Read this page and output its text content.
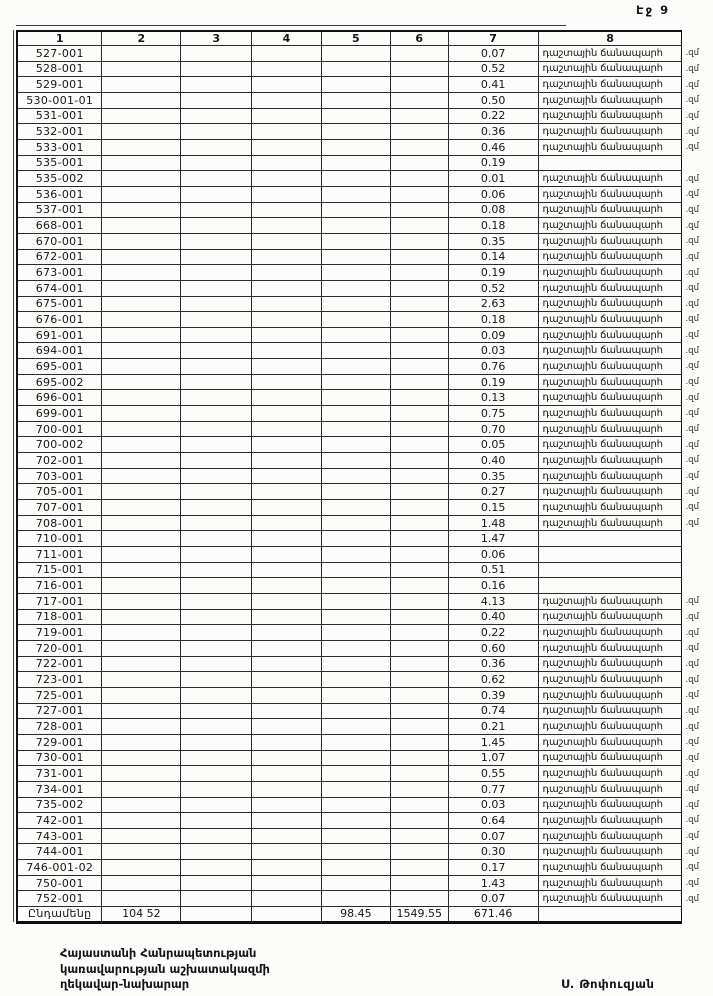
Էջ 9
1	2	3	4	5	6	7	8	
527-001						0.07	դաշտային ճանապարհ	.զմ
528-001						0.52	դաշտային ճանապարհ	.զմ
529-001						0.41	դաշտային ճանապարհ	.զմ
530-001-01						0.50	դաշտային ճանապարհ	.զմ
531-001						0.22	դաշտային ճանապարհ	.զմ
532-001						0.36	դաշտային ճանապարհ	.զմ
533-001						0.46	դաշտային ճանապարհ	.զմ
535-001						0.19		
535-002						0.01	դաշտային ճանապարհ	.զմ
536-001						0.06	դաշտային ճանապարհ	.զմ
537-001						0.08	դաշտային ճանապարհ	.զմ
668-001						0.18	դաշտային ճանապարհ	.զմ
670-001						0.35	դաշտային ճանապարհ	.զմ
672-001						0.14	դաշտային ճանապարհ	.զմ
673-001						0.19	դաշտային ճանապարհ	.զմ
674-001						0.52	դաշտային ճանապարհ	.զմ
675-001						2.63	դաշտային ճանապարհ	.զմ
676-001						0.18	դաշտային ճանապարհ	.զմ
691-001						0.09	դաշտային ճանապարհ	.զմ
694-001						0.03	դաշտային ճանապարհ	.զմ
695-001						0.76	դաշտային ճանապարհ	.զմ
695-002						0.19	դաշտային ճանապարհ	.զմ
696-001						0.13	դաշտային ճանապարհ	.զմ
699-001						0.75	դաշտային ճանապարհ	.զմ
700-001						0.70	դաշտային ճանապարհ	.զմ
700-002						0.05	դաշտային ճանապարհ	.զմ
702-001						0.40	դաշտային ճանապարհ	.զմ
703-001						0.35	դաշտային ճանապարհ	.զմ
705-001						0.27	դաշտային ճանապարհ	.զմ
707-001						0.15	դաշտային ճանապարհ	.զմ
708-001						1.48	դաշտային ճանապարհ	.զմ
710-001						1.47		
711-001						0.06		
715-001						0.51		
716-001						0.16		
717-001						4.13	դաշտային ճանապարհ	.զմ
718-001						0.40	դաշտային ճանապարհ	.զմ
719-001						0.22	դաշտային ճանապարհ	.զմ
720-001						0.60	դաշտային ճանապարհ	.զմ
722-001						0.36	դաշտային ճանապարհ	.զմ
723-001						0.62	դաշտային ճանապարհ	.զմ
725-001						0.39	դաշտային ճանապարհ	.զմ
727-001						0.74	դաշտային ճանապարհ	.զմ
728-001						0.21	դաշտային ճանապարհ	.զմ
729-001						1.45	դաշտային ճանապարհ	.զմ
730-001						1.07	դաշտային ճանապարհ	.զմ
731-001						0.55	դաշտային ճանապարհ	.զմ
734-001						0.77	դաշտային ճանապարհ	.զմ
735-002						0.03	դաշտային ճանապարհ	.զմ
742-001						0.64	դաշտային ճանապարհ	.զմ
743-001						0.07	դաշտային ճանապարհ	.զմ
744-001						0.30	դաշտային ճանապարհ	.զմ
746-001-02						0.17	դաշտային ճանապարհ	.զմ
750-001						1.43	դաշտային ճանապարհ	.զմ
752-001						0.07	դաշտային ճանապարհ	.զմ
Ընդամենը	104 52			98.45	1549.55	671.46		
Հայաստանի Հանրապետության
կառավարության աշխատակազմի
ղեկավար-նախարար	Ս. Թոփուզյան
